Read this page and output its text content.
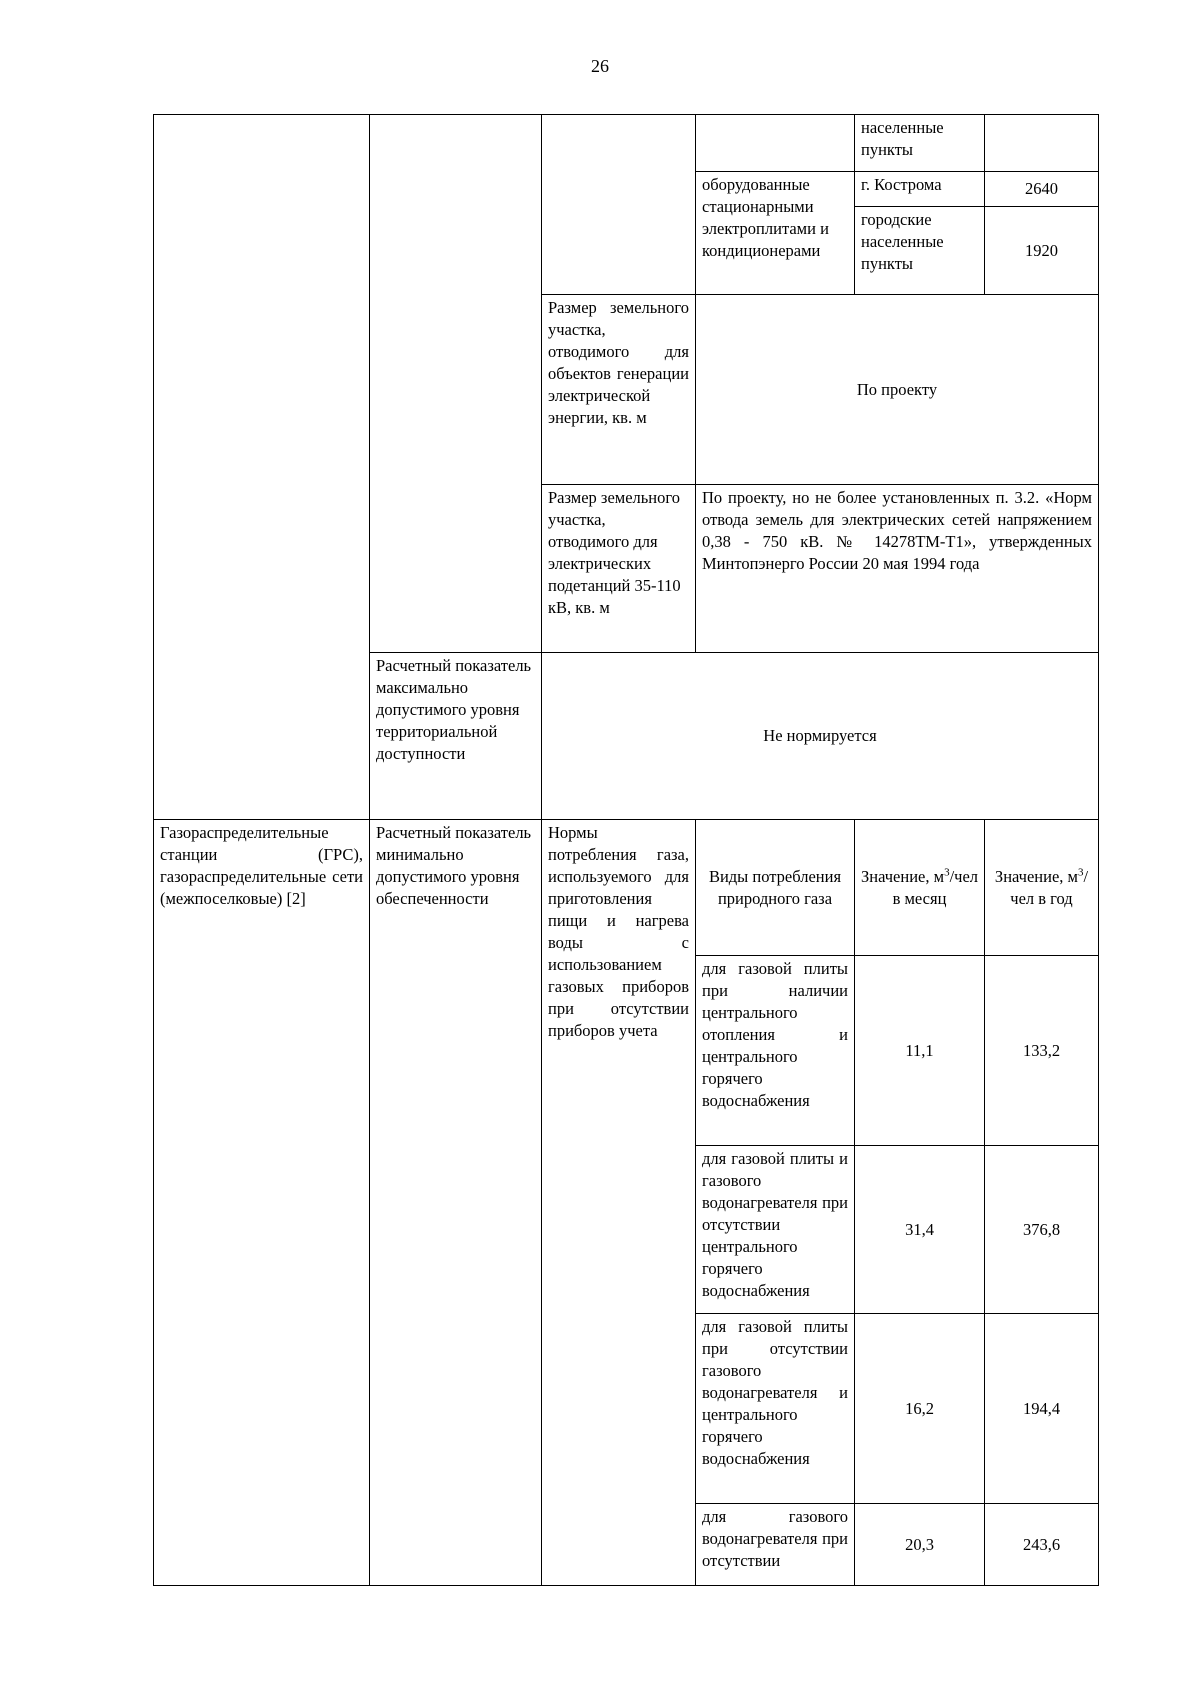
26
				населенные пункты	
			оборудованные стационарными электроплитами и кондиционерами	г. Кострома	2640
				городские населенные пункты	1920
		Размер земельного участка, отводимого для объектов генерации электрической энергии, кв. м	По проекту		
		Размер земельного участка, отводимого для электрических подетанций 35-110 кВ, кв. м	По проекту, но не более установленных п. 3.2. «Норм отвода земель для электрических сетей напряжением 0,38 - 750 кВ. № 14278ТМ-Т1», утвержденных Минтопэнерго России 20 мая 1994 года		
	Расчетный показатель максимально допустимого уровня территориальной доступности	Не нормируется			
Газораспределительные станции (ГРС), газораспределительные сети (межпоселковые) [2]	Расчетный показатель минимально допустимого уровня обеспеченности	Нормы потребления газа, используемого для приготовления пищи и нагрева воды с использованием газовых приборов при отсутствии приборов учета	Виды потребления природного газа	Значение, $м^3$/чел в месяц	Значение, $м^3$/чел в год
			для газовой плиты при наличии центрального отопления и центрального горячего водоснабжения	11,1	133,2
			для газовой плиты и газового водонагревателя при отсутствии центрального горячего водоснабжения	31,4	376,8
			для газовой плиты при отсутствии газового водонагревателя и центрального горячего водоснабжения	16,2	194,4
			для газового водонагревателя при отсутствии	20,3	243,6
